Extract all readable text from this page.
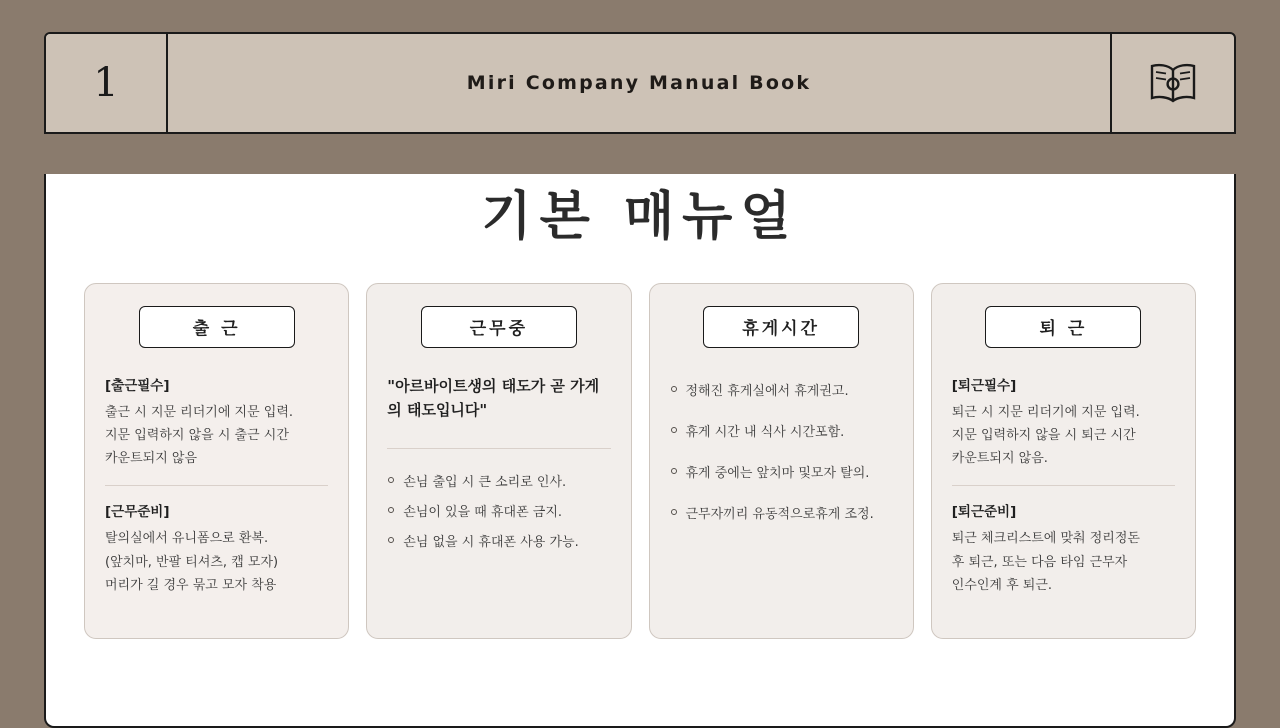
1	Miri Company Manual Book
기본 매뉴얼
출 근
[출근필수]
출근 시 지문 리더기에 지문 입력.
지문 입력하지 않을 시 출근 시간
카운트되지 않음
[근무준비]
탈의실에서 유니폼으로 환복.
(앞치마, 반팔 티셔츠, 캡 모자)
머리가 길 경우 묶고 모자 착용
근무중
"아르바이트생의 태도가 곧 가게의 태도입니다"
손님 출입 시 큰 소리로 인사.
손님이 있을 때 휴대폰 금지.
손님 없을 시 휴대폰 사용 가능.
휴게시간
정해진 휴게실에서 휴게권고.
휴게 시간 내 식사 시간포함.
휴게 중에는 앞치마 및모자 탈의.
근무자끼리 유동적으로휴게 조정.
퇴 근
[퇴근필수]
퇴근 시 지문 리더기에 지문 입력.
지문 입력하지 않을 시 퇴근 시간
카운트되지 않음.
[퇴근준비]
퇴근 체크리스트에 맞춰 정리정돈
후 퇴근, 또는 다음 타임 근무자
인수인계 후 퇴근.
